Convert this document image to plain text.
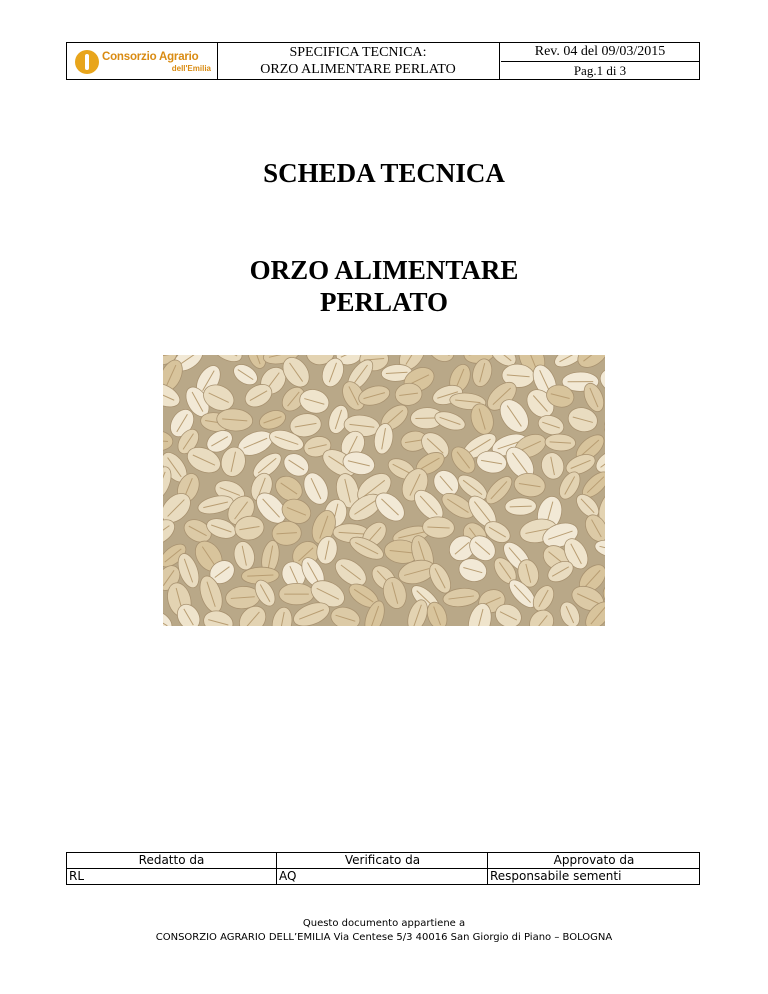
Consorzio Agrario
dell'Emilia
SPECIFICA TECNICA:
ORZO ALIMENTARE PERLATO
Rev. 04 del 09/03/2015
Pag.1 di 3
SCHEDA TECNICA
ORZO ALIMENTARE
PERLATO
Redatto da
RL
Verificato da
AQ
Approvato da
Responsabile sementi
Questo documento appartiene a
CONSORZIO AGRARIO DELL’EMILIA Via Centese 5/3 40016 San Giorgio di Piano – BOLOGNA
